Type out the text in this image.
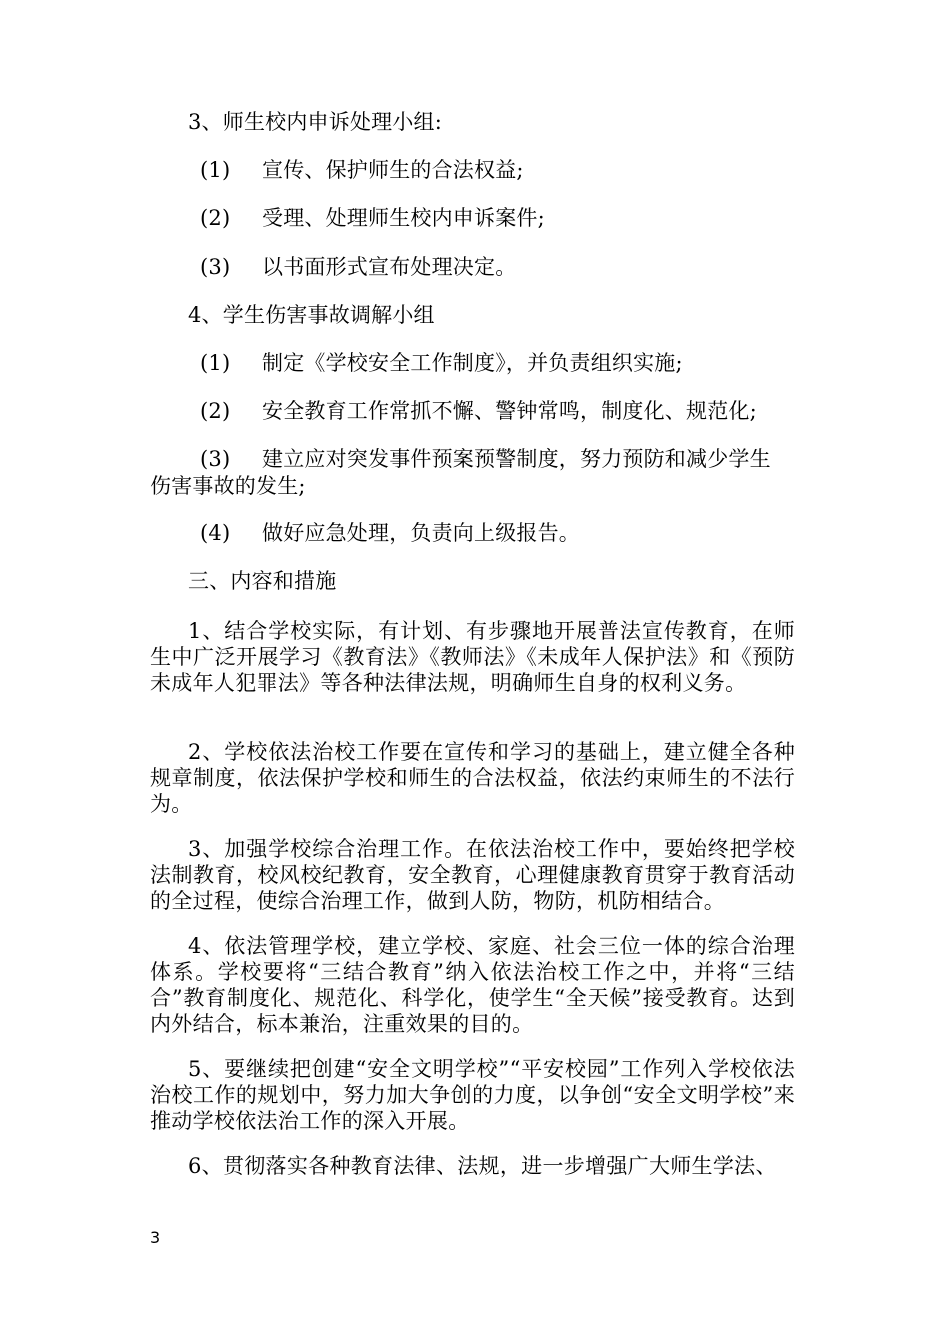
3、师生校内申诉处理小组:
(1) 宣传、保护师生的合法权益;
(2) 受理、处理师生校内申诉案件;
(3) 以书面形式宣布处理决定。
4、学生伤害事故调解小组
(1) 制定《学校安全工作制度》，并负责组织实施;
(2) 安全教育工作常抓不懈、警钟常鸣，制度化、规范化;
(3) 建立应对突发事件预案预警制度，努力预防和减少学生
伤害事故的发生;
(4) 做好应急处理，负责向上级报告。
三、内容和措施
1、结合学校实际，有计划、有步骤地开展普法宣传教育，在师生中广泛开展学习《教育法》《教师法》《未成年人保护法》和《预防未成年人犯罪法》等各种法律法规，明确师生自身的权利义务。
2、学校依法治校工作要在宣传和学习的基础上，建立健全各种规章制度，依法保护学校和师生的合法权益，依法约束师生的不法行为。
3、加强学校综合治理工作。在依法治校工作中，要始终把学校法制教育，校风校纪教育，安全教育，心理健康教育贯穿于教育活动的全过程，使综合治理工作，做到人防，物防，机防相结合。
4、依法管理学校，建立学校、家庭、社会三位一体的综合治理体系。学校要将“三结合教育”纳入依法治校工作之中，并将“三结合”教育制度化、规范化、科学化，使学生“全天候”接受教育。达到内外结合，标本兼治，注重效果的目的。
5、要继续把创建“安全文明学校”“平安校园”工作列入学校依法治校工作的规划中，努力加大争创的力度，以争创“安全文明学校”来推动学校依法治工作的深入开展。
6、贯彻落实各种教育法律、法规，进一步增强广大师生学法、
3
